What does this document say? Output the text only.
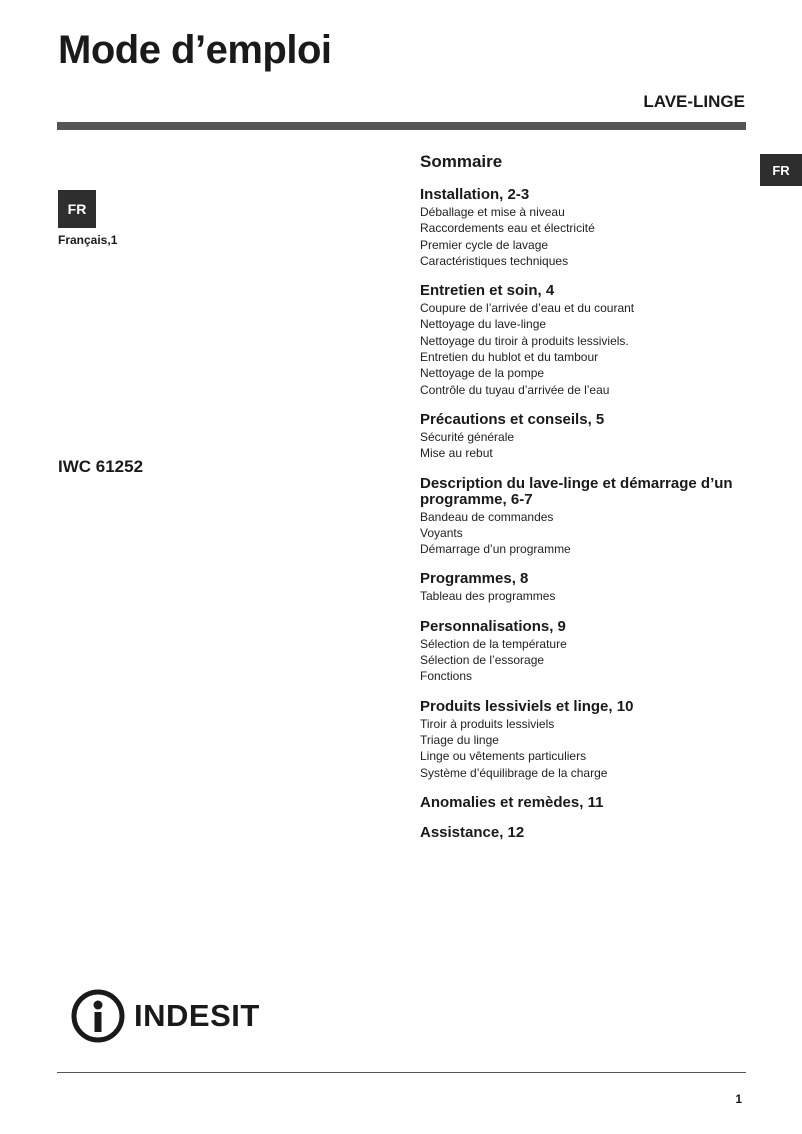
Mode d’emploi
LAVE-LINGE
FR
FR
Français,1
IWC 61252
Sommaire
Installation, 2-3
Déballage et mise à niveau
Raccordements eau et électricité
Premier cycle de lavage
Caractéristiques techniques
Entretien et soin, 4
Coupure de l’arrivée d’eau et du courant
Nettoyage du lave-linge
Nettoyage du tiroir à produits lessiviels.
Entretien du hublot et du tambour
Nettoyage de la pompe
Contrôle du tuyau d’arrivée de l’eau
Précautions et conseils, 5
Sécurité générale
Mise au rebut
Description du lave-linge et démarrage d’un programme, 6-7
Bandeau de commandes
Voyants
Démarrage d’un programme
Programmes, 8
Tableau des programmes
Personnalisations, 9
Sélection de la température
Sélection de l’essorage
Fonctions
Produits lessiviels et linge, 10
Tiroir à produits lessiviels
Triage du linge
Linge ou vêtements particuliers
Système d’équilibrage de la charge
Anomalies et remèdes, 11
Assistance, 12
INDESIT
1
